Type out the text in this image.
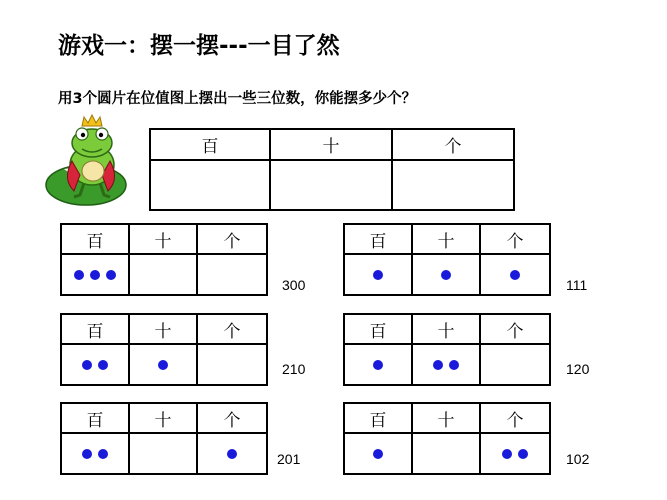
游戏一：摆一摆---一目了然
用3个圆片在位值图上摆出一些三位数，你能摆多少个？
百	十	个

百	十	个

300
百	十	个

111
百	十	个

210
百	十	个

120
百	十	个

201
百	十	个

102
